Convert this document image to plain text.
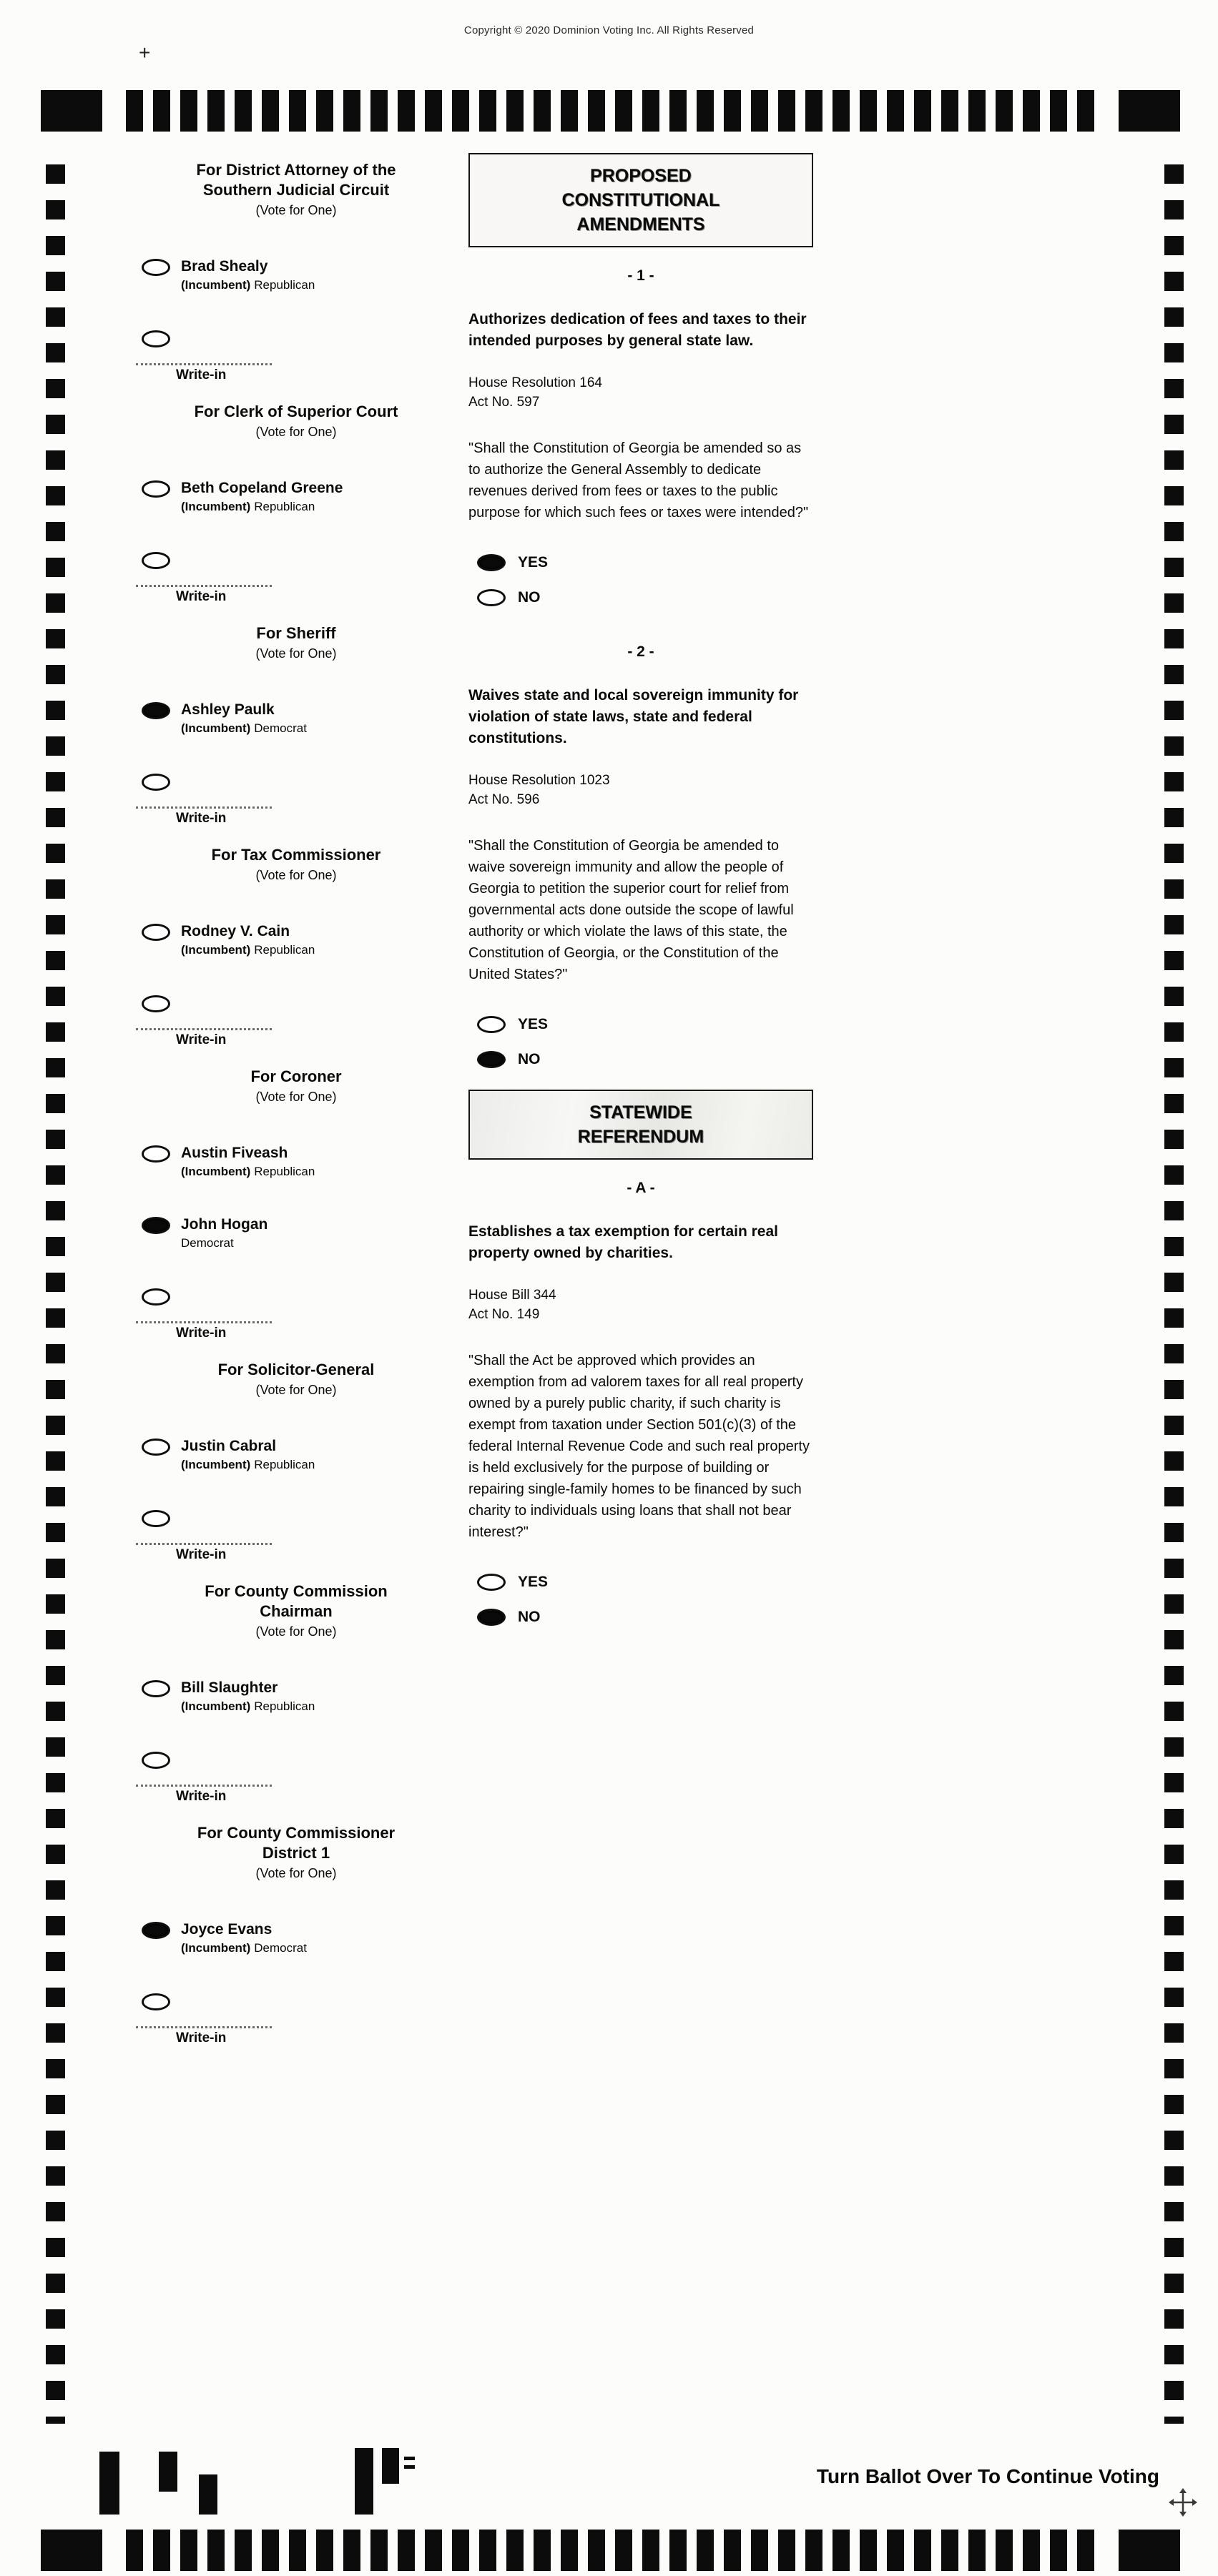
Copyright © 2020 Dominion Voting Inc. All Rights Reserved
+
For District Attorney of the
Southern Judicial Circuit
(Vote for One)
Brad Shealy
(Incumbent) Republican
Write-in
For Clerk of Superior Court
(Vote for One)
Beth Copeland Greene
(Incumbent) Republican
Write-in
For Sheriff
(Vote for One)
Ashley Paulk
(Incumbent) Democrat
Write-in
For Tax Commissioner
(Vote for One)
Rodney V. Cain
(Incumbent) Republican
Write-in
For Coroner
(Vote for One)
Austin Fiveash
(Incumbent) Republican
John Hogan
Democrat
Write-in
For Solicitor-General
(Vote for One)
Justin Cabral
(Incumbent) Republican
Write-in
For County Commission
Chairman
(Vote for One)
Bill Slaughter
(Incumbent) Republican
Write-in
For County Commissioner
District 1
(Vote for One)
Joyce Evans
(Incumbent) Democrat
Write-in
PROPOSED
CONSTITUTIONAL
AMENDMENTS
- 1 -

Authorizes dedication of fees and taxes to their intended purposes by general state law.

House Resolution 164
Act No. 597

"Shall the Constitution of Georgia be amended so as to authorize the General Assembly to dedicate revenues derived from fees or taxes to the public purpose for which such fees or taxes were intended?"

YES
NO
- 2 -

Waives state and local sovereign immunity for violation of state laws, state and federal constitutions.

House Resolution 1023
Act No. 596

"Shall the Constitution of Georgia be amended to waive sovereign immunity and allow the people of Georgia to petition the superior court for relief from governmental acts done outside the scope of lawful authority or which violate the laws of this state, the Constitution of Georgia, or the Constitution of the United States?"

YES
NO
STATEWIDE
REFERENDUM
- A -

Establishes a tax exemption for certain real property owned by charities.

House Bill 344
Act No. 149

"Shall the Act be approved which provides an exemption from ad valorem taxes for all real property owned by a purely public charity, if such charity is exempt from taxation under Section 501(c)(3) of the federal Internal Revenue Code and such real property is held exclusively for the purpose of building or repairing single-family homes to be financed by such charity to individuals using loans that shall not bear interest?"

YES
NO
Turn Ballot Over To Continue Voting
